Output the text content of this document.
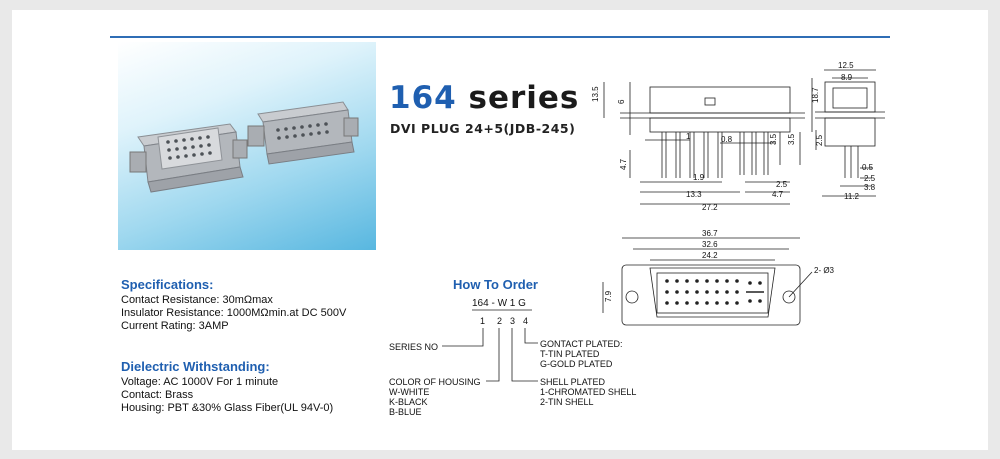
164 series
DVI PLUG 24+5(JDB-245)
Specifications:
Contact Resistance: 30mΩmax
Insulator Resistance: 1000MΩmin.at DC 500V
Current Rating: 3AMP
Dielectric Withstanding:
Voltage: AC 1000V For 1 minute
Contact: Brass
Housing: PBT &30% Glass Fiber(UL 94V-0)
How To Order
164 - W 1 G
1 2 3 4
SERIES NO
COLOR OF HOUSING
W-WHITE
K-BLACK
B-BLUE
GONTACT PLATED:
T-TIN PLATED
G-GOLD PLATED
SHELL PLATED
1-CHROMATED SHELL
2-TIN SHELL
13.5 6	18.7
1	0.8	3.5 3.5
4.7
1.9
2.5
13.3	4.7
27.2
12.5
8.9
2.5
0.5
2.5
3.8
11.2
36.7
32.6
24.2
7.9
2- Ø3
